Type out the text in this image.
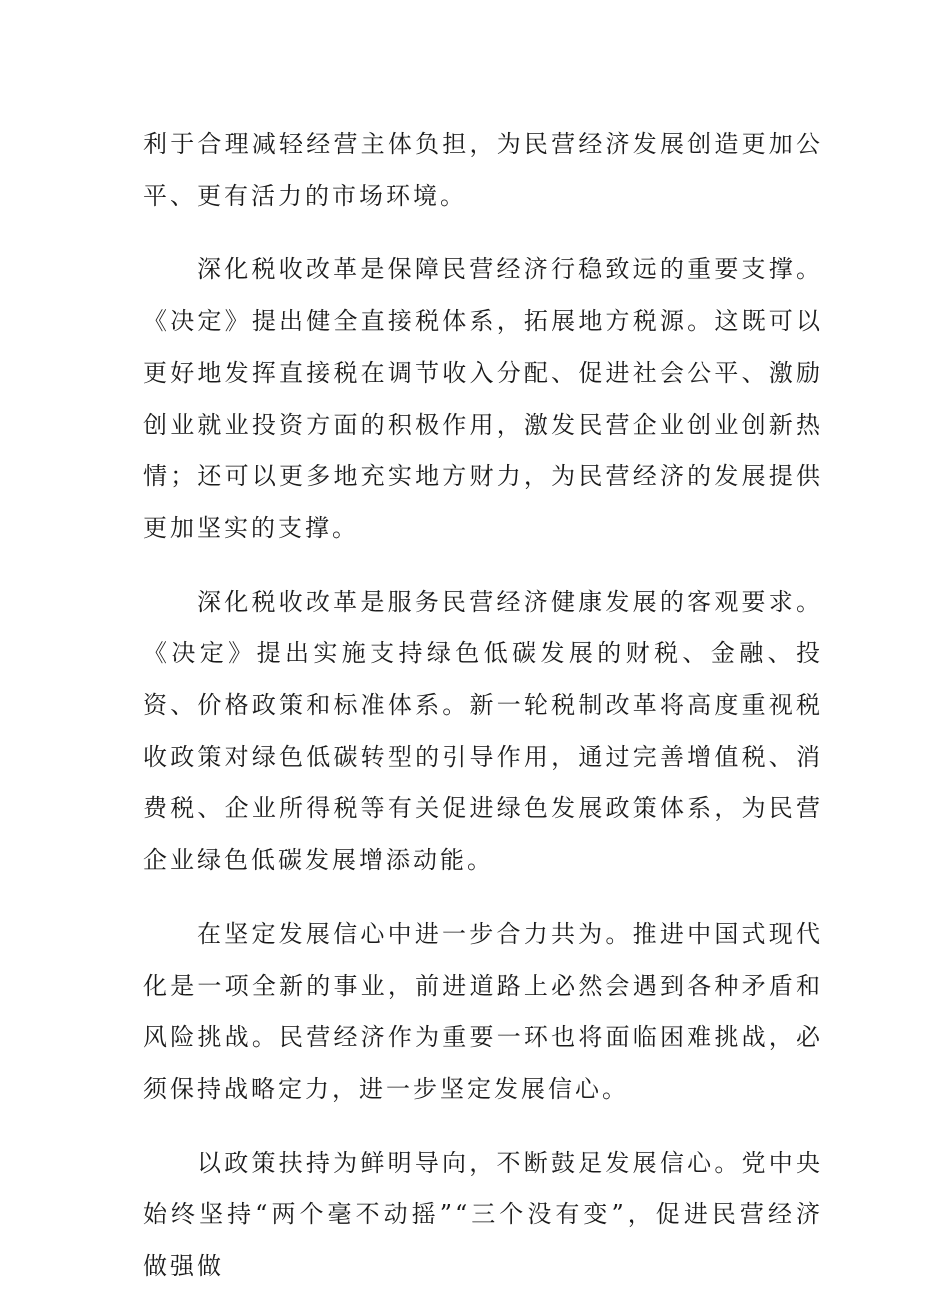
利于合理减轻经营主体负担，为民营经济发展创造更加公平、更有活力的市场环境。

深化税收改革是保障民营经济行稳致远的重要支撑。《决定》提出健全直接税体系，拓展地方税源。这既可以更好地发挥直接税在调节收入分配、促进社会公平、激励创业就业投资方面的积极作用，激发民营企业创业创新热情；还可以更多地充实地方财力，为民营经济的发展提供更加坚实的支撑。

深化税收改革是服务民营经济健康发展的客观要求。《决定》提出实施支持绿色低碳发展的财税、金融、投资、价格政策和标准体系。新一轮税制改革将高度重视税收政策对绿色低碳转型的引导作用，通过完善增值税、消费税、企业所得税等有关促进绿色发展政策体系，为民营企业绿色低碳发展增添动能。

在坚定发展信心中进一步合力共为。推进中国式现代化是一项全新的事业，前进道路上必然会遇到各种矛盾和风险挑战。民营经济作为重要一环也将面临困难挑战，必须保持战略定力，进一步坚定发展信心。

以政策扶持为鲜明导向，不断鼓足发展信心。党中央始终坚持“两个毫不动摇”“三个没有变”，促进民营经济做强做
